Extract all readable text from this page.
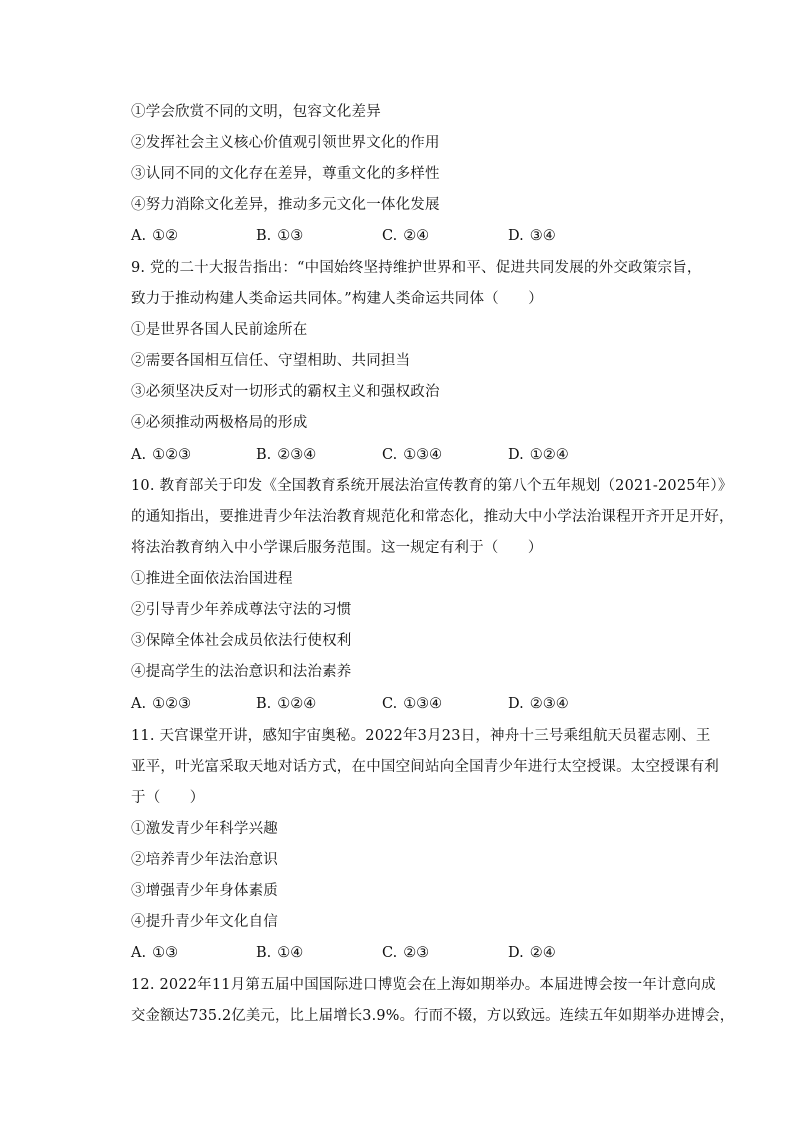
①学会欣赏不同的文明，包容文化差异
②发挥社会主义核心价值观引领世界文化的作用
③认同不同的文化存在差异，尊重文化的多样性
④努力消除文化差异，推动多元文化一体化发展
A. ①②	B. ①③	C. ②④	D. ③④
9. 党的二十大报告指出：“中国始终坚持维护世界和平、促进共同发展的外交政策宗旨，
致力于推动构建人类命运共同体。”构建人类命运共同体（　　）
①是世界各国人民前途所在
②需要各国相互信任、守望相助、共同担当
③必须坚决反对一切形式的霸权主义和强权政治
④必须推动两极格局的形成
A. ①②③	B. ②③④	C. ①③④	D. ①②④
10. 教育部关于印发《全国教育系统开展法治宣传教育的第八个五年规划（2021-2025年）》
的通知指出，要推进青少年法治教育规范化和常态化，推动大中小学法治课程开齐开足开好，
将法治教育纳入中小学课后服务范围。这一规定有利于（　　）
①推进全面依法治国进程
②引导青少年养成尊法守法的习惯
③保障全体社会成员依法行使权利
④提高学生的法治意识和法治素养
A. ①②③	B. ①②④	C. ①③④	D. ②③④
11. 天宫课堂开讲，感知宇宙奥秘。2022年3月23日，神舟十三号乘组航天员翟志刚、王
亚平，叶光富采取天地对话方式，在中国空间站向全国青少年进行太空授课。太空授课有利
于（　　）
①激发青少年科学兴趣
②培养青少年法治意识
③增强青少年身体素质
④提升青少年文化自信
A. ①③	B. ①④	C. ②③	D. ②④
12. 2022年11月第五届中国国际进口博览会在上海如期举办。本届进博会按一年计意向成
交金额达735.2亿美元，比上届增长3.9%。行而不辍，方以致远。连续五年如期举办进博会，
